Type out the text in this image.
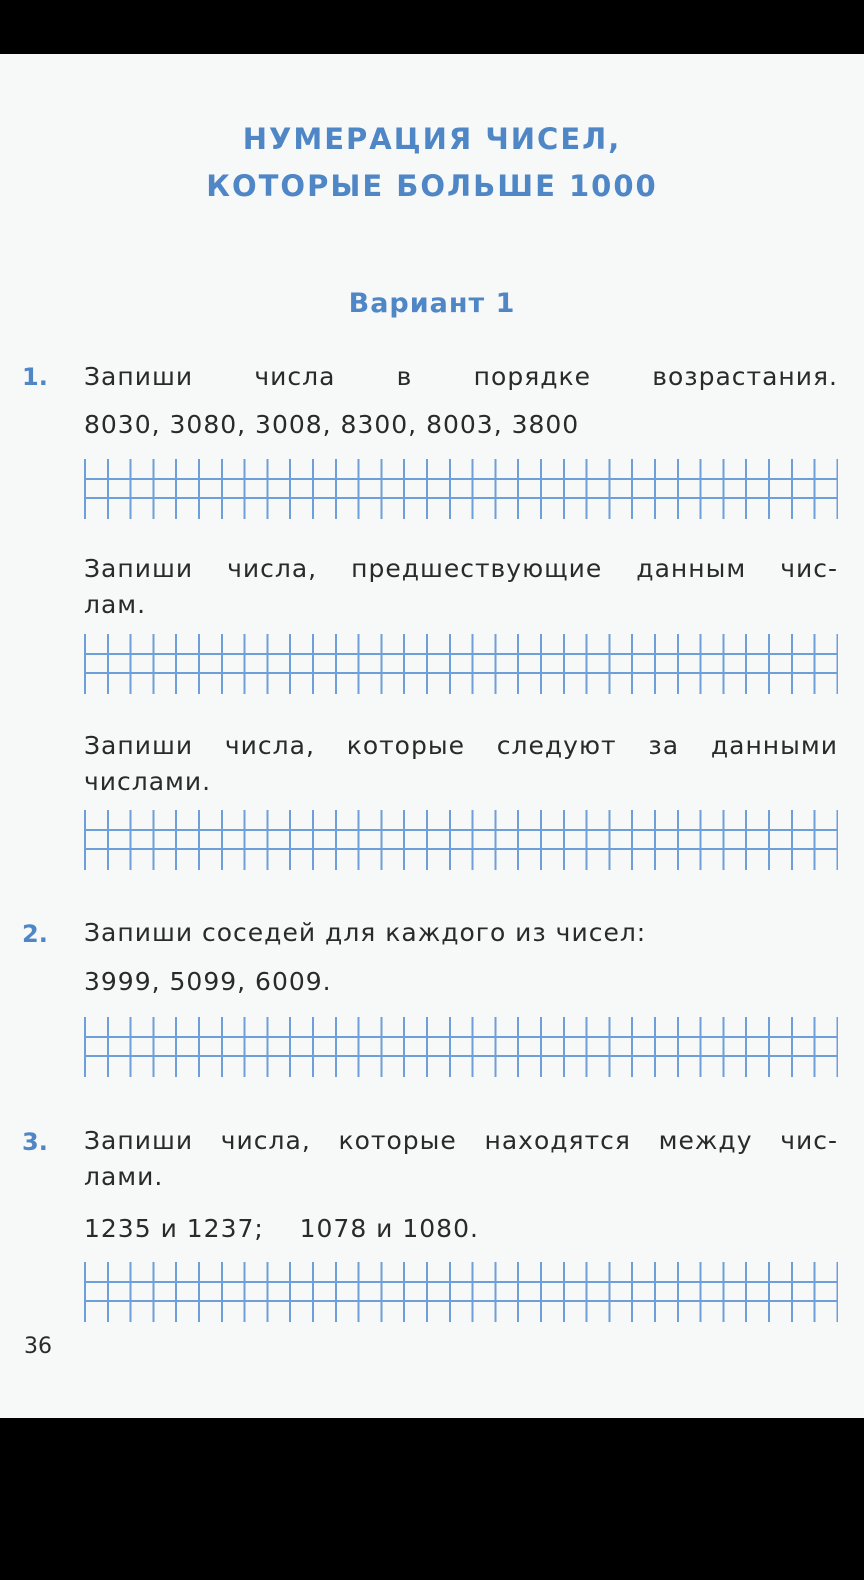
НУМЕРАЦИЯ ЧИСЕЛ,
КОТОРЫЕ БОЛЬШЕ 1000
Вариант 1
1. Запиши числа в порядке возрастания.
8030, 3080, 3008, 8300, 8003, 3800
Запиши числа, предшествующие данным чис-
лам.
Запиши числа, которые следуют за данными
числами.
2. Запиши соседей для каждого из чисел:
3999, 5099, 6009.
3. Запиши числа, которые находятся между чис-
лами.
1235 и 1237;    1078 и 1080.
36
